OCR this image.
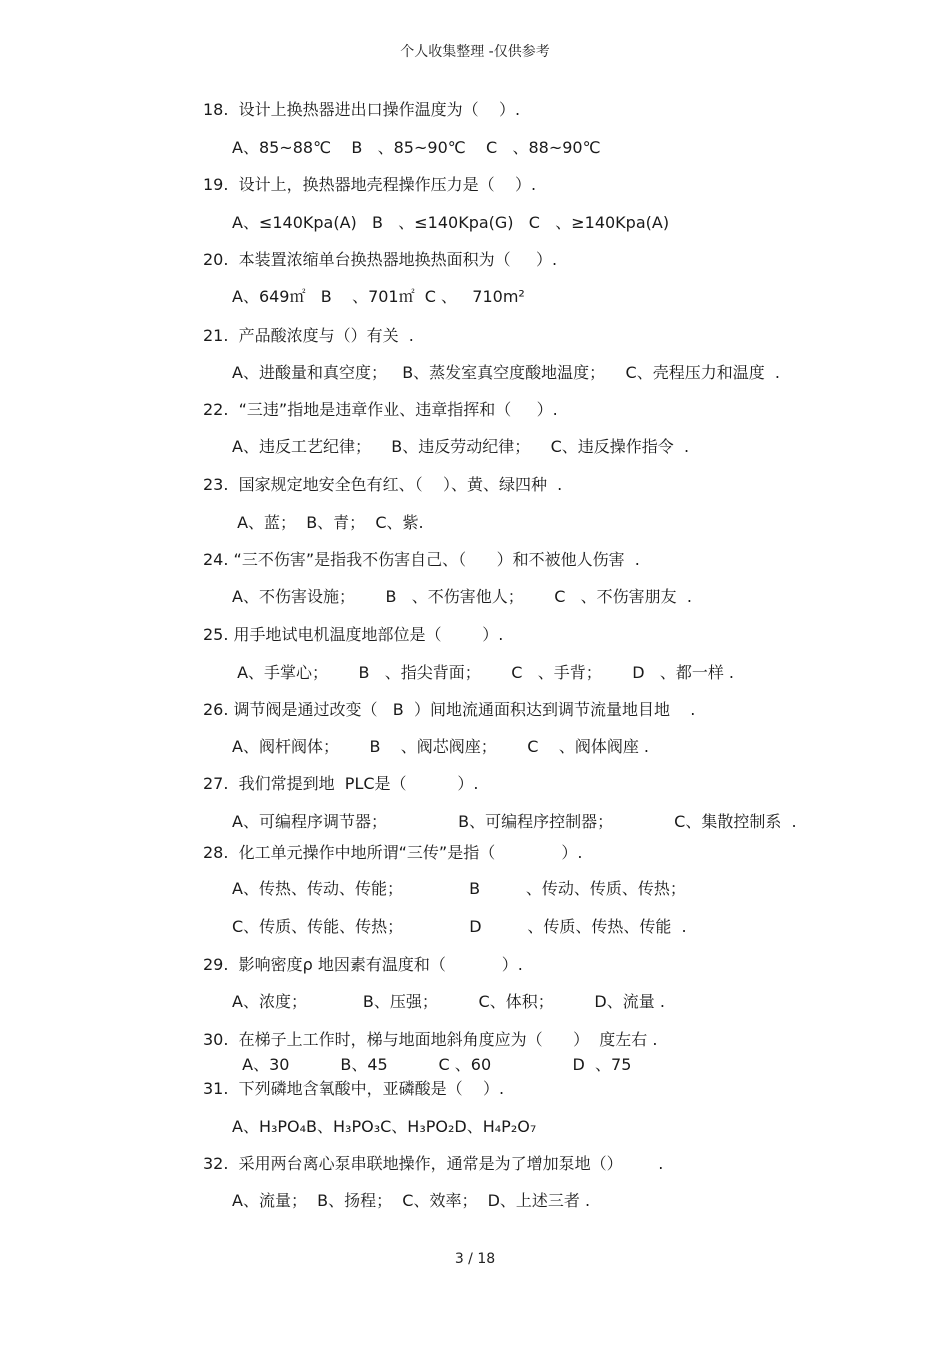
个人收集整理 -仅供参考
18.  设计上换热器进出口操作温度为（    ）.
A、85~88℃    B   、85~90℃    C   、88~90℃
19.  设计上，换热器地壳程操作压力是（    ）.
A、≤140Kpa(A)   B   、≤140Kpa(G)   C   、≥140Kpa(A)
20.  本装置浓缩单台换热器地换热面积为（     ）.
A、649㎡   B    、701㎡  C 、   710m²
21.  产品酸浓度与（）有关  .
A、进酸量和真空度；   B、蒸发室真空度酸地温度；    C、壳程压力和温度  .
22.  “三违”指地是违章作业、违章指挥和（     ）.
A、违反工艺纪律；    B、违反劳动纪律；    C、违反操作指令  .
23.  国家规定地安全色有红、（    ）、黄、绿四种  .
A、蓝；  B、青；  C、紫.
24. “三不伤害”是指我不伤害自己、（      ）和不被他人伤害  .
A、不伤害设施；      B   、不伤害他人；      C   、不伤害朋友  .
25. 用手地试电机温度地部位是（        ）.
A、手掌心；      B   、指尖背面；      C   、手背；      D   、都一样 .
26. 调节阀是通过改变（   B  ）间地流通面积达到调节流量地目地    .
A、阀杆阀体；      B    、阀芯阀座；      C    、阀体阀座 .
27.  我们常提到地  PLC是（          ）.
A、可编程序调节器；              B、可编程序控制器；            C、集散控制系  .
28.  化工单元操作中地所谓“三传”是指（             ）.
A、传热、传动、传能；             B         、传动、传质、传热；
C、传质、传能、传热；             D         、传质、传热、传能  .
29.  影响密度ρ 地因素有温度和（           ）.
A、浓度；           B、压强；        C、体积；        D、流量 .
30.  在梯子上工作时，梯与地面地斜角度应为（      ）  度左右 .
A、30          B、45          C 、60                D  、75
31.  下列磷地含氧酸中，亚磷酸是（    ）.
A、H₃PO₄B、H₃PO₃C、H₃PO₂D、H₄P₂O₇
32.  采用两台离心泵串联地操作，通常是为了增加泵地（）       .
A、流量；  B、扬程；  C、效率；  D、上述三者 .
3 / 18
